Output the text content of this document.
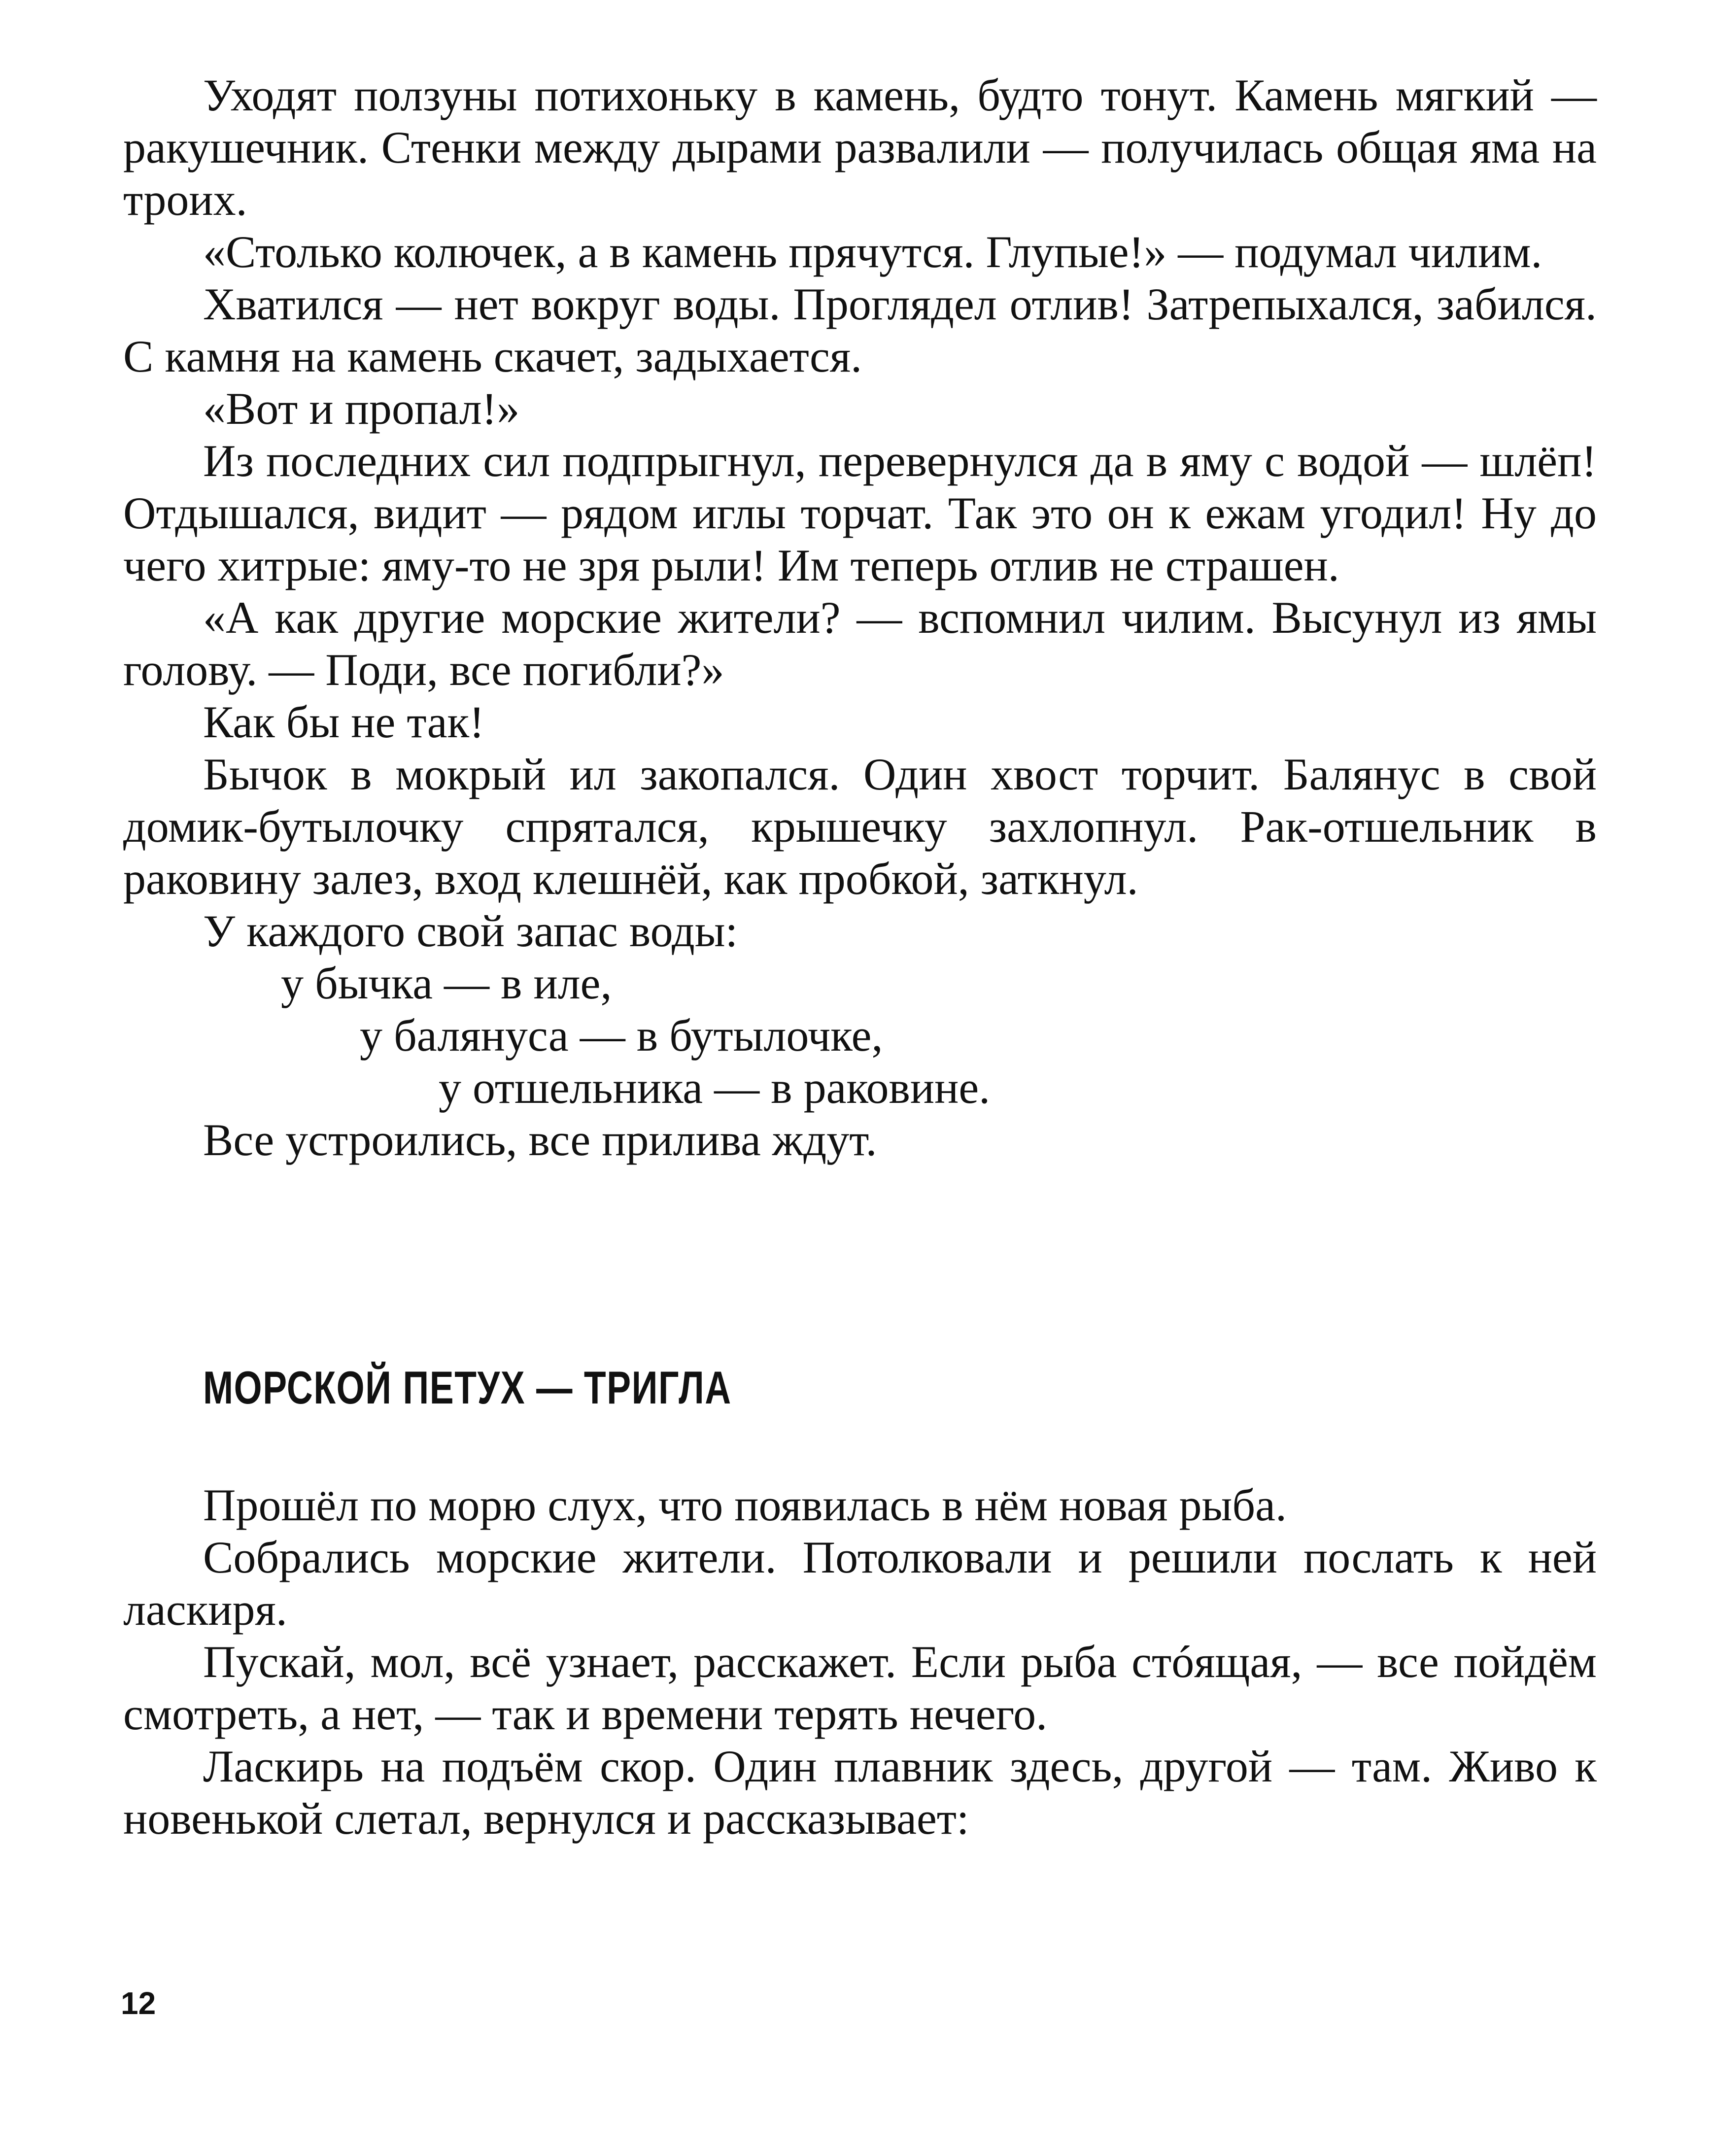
Уходят ползуны потихоньку в камень, будто тонут. Камень мягкий — ракушечник. Стенки между дырами развалили — получилась общая яма на троих.

«Столько колючек, а в камень прячутся. Глупые!» — подумал чилим.

Хватился — нет вокруг воды. Проглядел отлив! Затрепыхался, забился. С камня на камень скачет, задыхается.

«Вот и пропал!»

Из последних сил подпрыгнул, перевернулся да в яму с водой — шлёп! Отдышался, видит — рядом иглы торчат. Так это он к ежам угодил! Ну до чего хитрые: яму-то не зря рыли! Им теперь отлив не страшен.

«А как другие морские жители? — вспомнил чилим. Высунул из ямы голову. — Поди, все погибли?»

Как бы не так!

Бычок в мокрый ил закопался. Один хвост торчит. Балянус в свой домик-бутылочку спрятался, крышечку захлопнул. Рак-отшельник в раковину залез, вход клешнёй, как пробкой, заткнул.

У каждого свой запас воды:

у бычка — в иле,

у балянуса — в бутылочке,

у отшельника — в раковине.

Все устроились, все прилива ждут.

МОРСКОЙ ПЕТУХ — ТРИГЛА

Прошёл по морю слух, что появилась в нём новая рыба.

Собрались морские жители. Потолковали и решили послать к ней ласкиря.

Пускай, мол, всё узнает, расскажет. Если рыба стóящая, — все пойдём смотреть, а нет, — так и времени терять нечего.

Ласкирь на подъём скор. Один плавник здесь, другой — там. Живо к новенькой слетал, вернулся и рассказывает:

12
